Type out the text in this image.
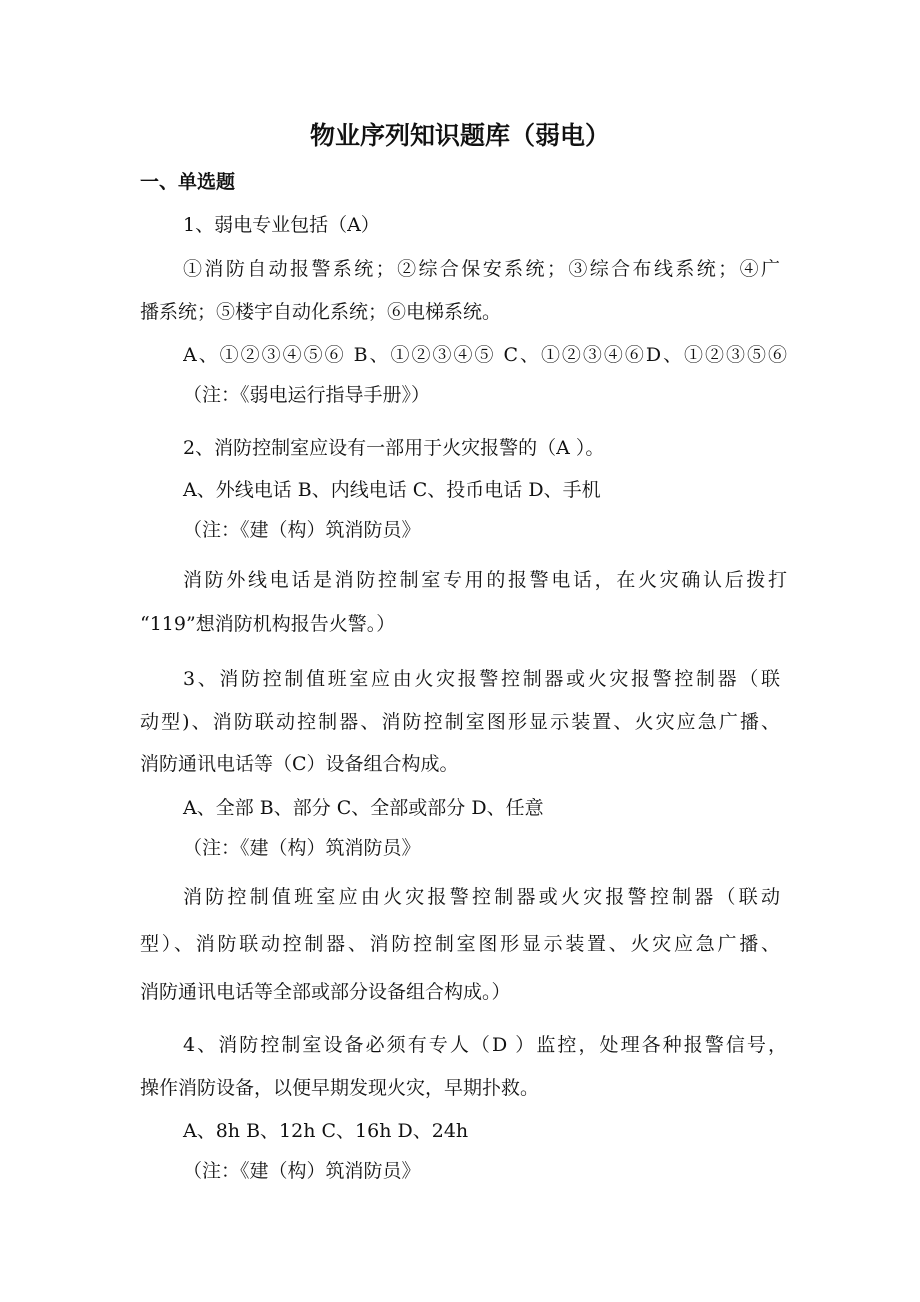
物业序列知识题库（弱电）
一、单选题

1、弱电专业包括（A）

①消防自动报警系统；②综合保安系统；③综合布线系统；④广

播系统；⑤楼宇自动化系统；⑥电梯系统。

A、①②③④⑤⑥ B、①②③④⑤ C、①②③④⑥D、①②③⑤⑥

（注：《弱电运行指导手册》）

2、消防控制室应设有一部用于火灾报警的（A ）。

A、外线电话 B、内线电话 C、投币电话 D、手机

（注：《建（构）筑消防员》

消防外线电话是消防控制室专用的报警电话，在火灾确认后拨打

“119”想消防机构报告火警。）

3、消防控制值班室应由火灾报警控制器或火灾报警控制器（联

动型)、消防联动控制器、消防控制室图形显示装置、火灾应急广播、

消防通讯电话等（C）设备组合构成。

A、全部 B、部分 C、全部或部分 D、任意

（注：《建（构）筑消防员》

消防控制值班室应由火灾报警控制器或火灾报警控制器（联动

型）、消防联动控制器、消防控制室图形显示装置、火灾应急广播、

消防通讯电话等全部或部分设备组合构成。）

4、消防控制室设备必须有专人（D ）监控，处理各种报警信号，

操作消防设备，以便早期发现火灾，早期扑救。

A、8h B、12h C、16h D、24h

（注：《建（构）筑消防员》
